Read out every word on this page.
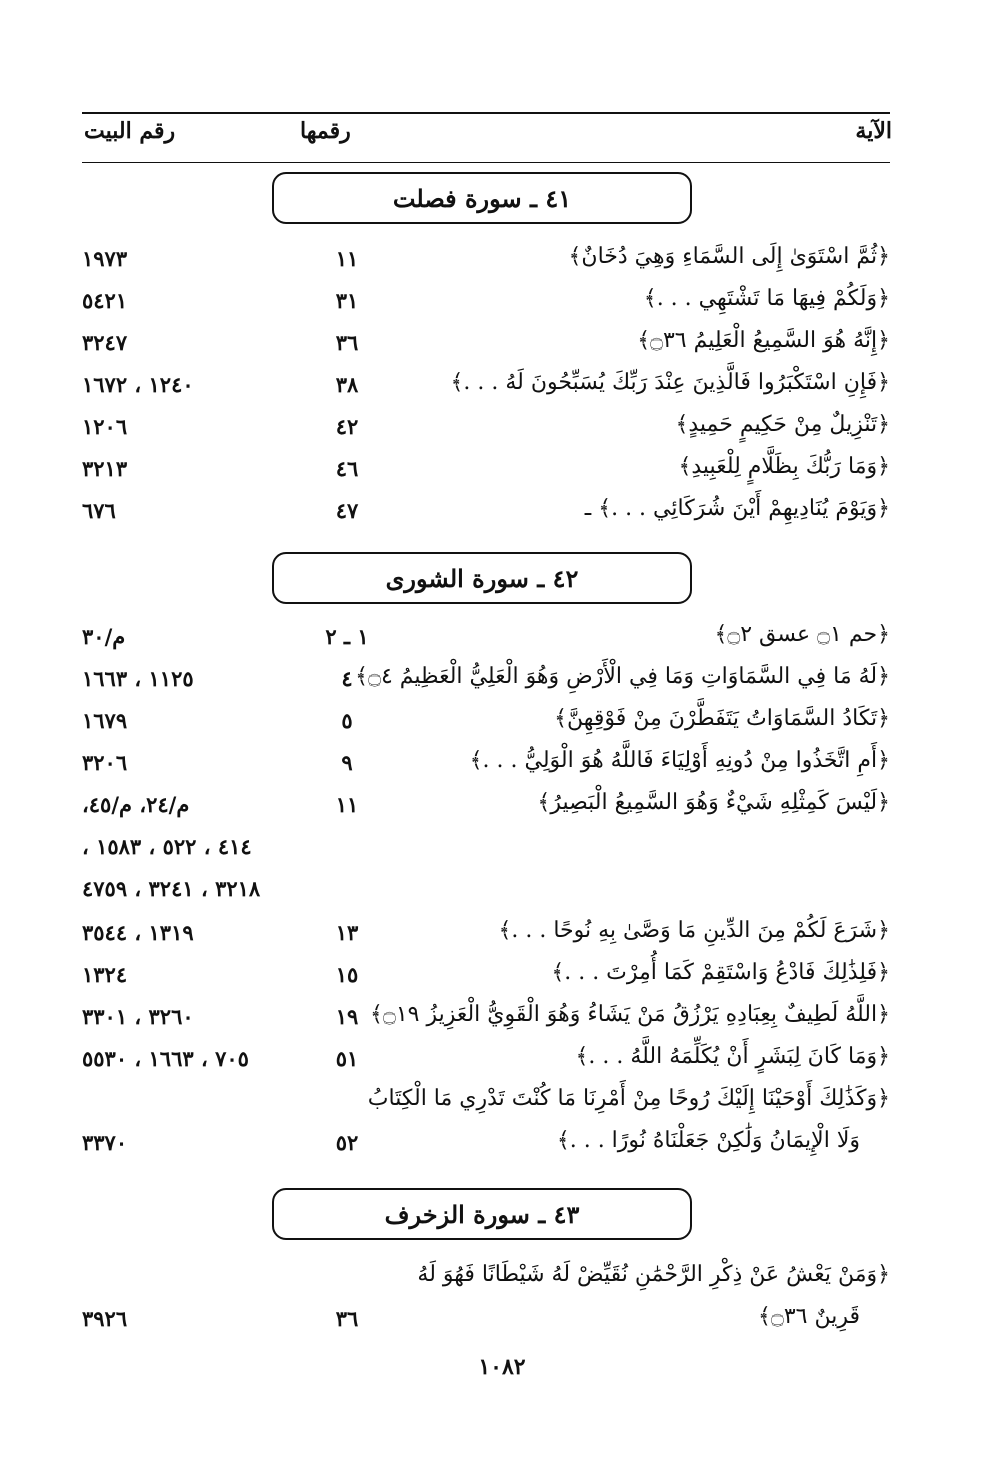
الآية
رقمها
رقم البيت
٤١ ـ سورة فصلت
﴿ثُمَّ اسْتَوَىٰ إِلَى السَّمَاءِ وَهِيَ دُخَانٌ﴾
١١
١٩٧٣
﴿وَلَكُمْ فِيهَا مَا تَشْتَهِي . . .﴾
٣١
٥٤٢١
﴿إِنَّهُ هُوَ السَّمِيعُ الْعَلِيمُ ۝٣٦﴾
٣٦
٣٢٤٧
﴿فَإِنِ اسْتَكْبَرُوا فَالَّذِينَ عِنْدَ رَبِّكَ يُسَبِّحُونَ لَهُ . . .﴾
٣٨
١٢٤٠ ، ١٦٧٢
﴿تَنْزِيلٌ مِنْ حَكِيمٍ حَمِيدٍ﴾
٤٢
١٢٠٦
﴿وَمَا رَبُّكَ بِظَلَّامٍ لِلْعَبِيدِ﴾
٤٦
٣٢١٣
﴿وَيَوْمَ يُنَادِيهِمْ أَيْنَ شُرَكَائِي . . .﴾ ـ
٤٧
٦٧٦
٤٢ ـ سورة الشورى
﴿حم ۝١ عسق ۝٢﴾
١ ـ ٢
م/٣٠
﴿لَهُ مَا فِي السَّمَاوَاتِ وَمَا فِي الْأَرْضِ وَهُوَ الْعَلِيُّ الْعَظِيمُ ۝٤﴾
٤
١١٢٥ ، ١٦٦٣
﴿تَكَادُ السَّمَاوَاتُ يَتَفَطَّرْنَ مِنْ فَوْقِهِنَّ﴾
٥
١٦٧٩
﴿أَمِ اتَّخَذُوا مِنْ دُونِهِ أَوْلِيَاءَ فَاللَّهُ هُوَ الْوَلِيُّ . . .﴾
٩
٣٢٠٦
﴿لَيْسَ كَمِثْلِهِ شَيْءٌ وَهُوَ السَّمِيعُ الْبَصِيرُ﴾
١١
م/٢٤، م/٤٥،
٤١٤ ، ٥٢٢ ، ١٥٨٣ ،
٣٢١٨ ، ٣٢٤١ ، ٤٧٥٩
﴿شَرَعَ لَكُمْ مِنَ الدِّينِ مَا وَصَّىٰ بِهِ نُوحًا . . .﴾
١٣
١٣١٩ ، ٣٥٤٤
﴿فَلِذَٰلِكَ فَادْعُ وَاسْتَقِمْ كَمَا أُمِرْتَ . . .﴾
١٥
١٣٢٤
﴿اللَّهُ لَطِيفٌ بِعِبَادِهِ يَرْزُقُ مَنْ يَشَاءُ وَهُوَ الْقَوِيُّ الْعَزِيزُ ۝١٩﴾
١٩
٣٢٦٠ ، ٣٣٠١
﴿وَمَا كَانَ لِبَشَرٍ أَنْ يُكَلِّمَهُ اللَّهُ . . .﴾
٥١
٧٠٥ ، ١٦٦٣ ، ٥٥٣٠
﴿وَكَذَٰلِكَ أَوْحَيْنَا إِلَيْكَ رُوحًا مِنْ أَمْرِنَا مَا كُنْتَ تَدْرِي مَا الْكِتَابُ
وَلَا الْإِيمَانُ وَلَٰكِنْ جَعَلْنَاهُ نُورًا . . .﴾
٥٢
٣٣٧٠
٤٣ ـ سورة الزخرف
﴿وَمَنْ يَعْشُ عَنْ ذِكْرِ الرَّحْمَٰنِ نُقَيِّضْ لَهُ شَيْطَانًا فَهُوَ لَهُ
قَرِينٌ ۝٣٦﴾
٣٦
٣٩٢٦
١٠٨٢
